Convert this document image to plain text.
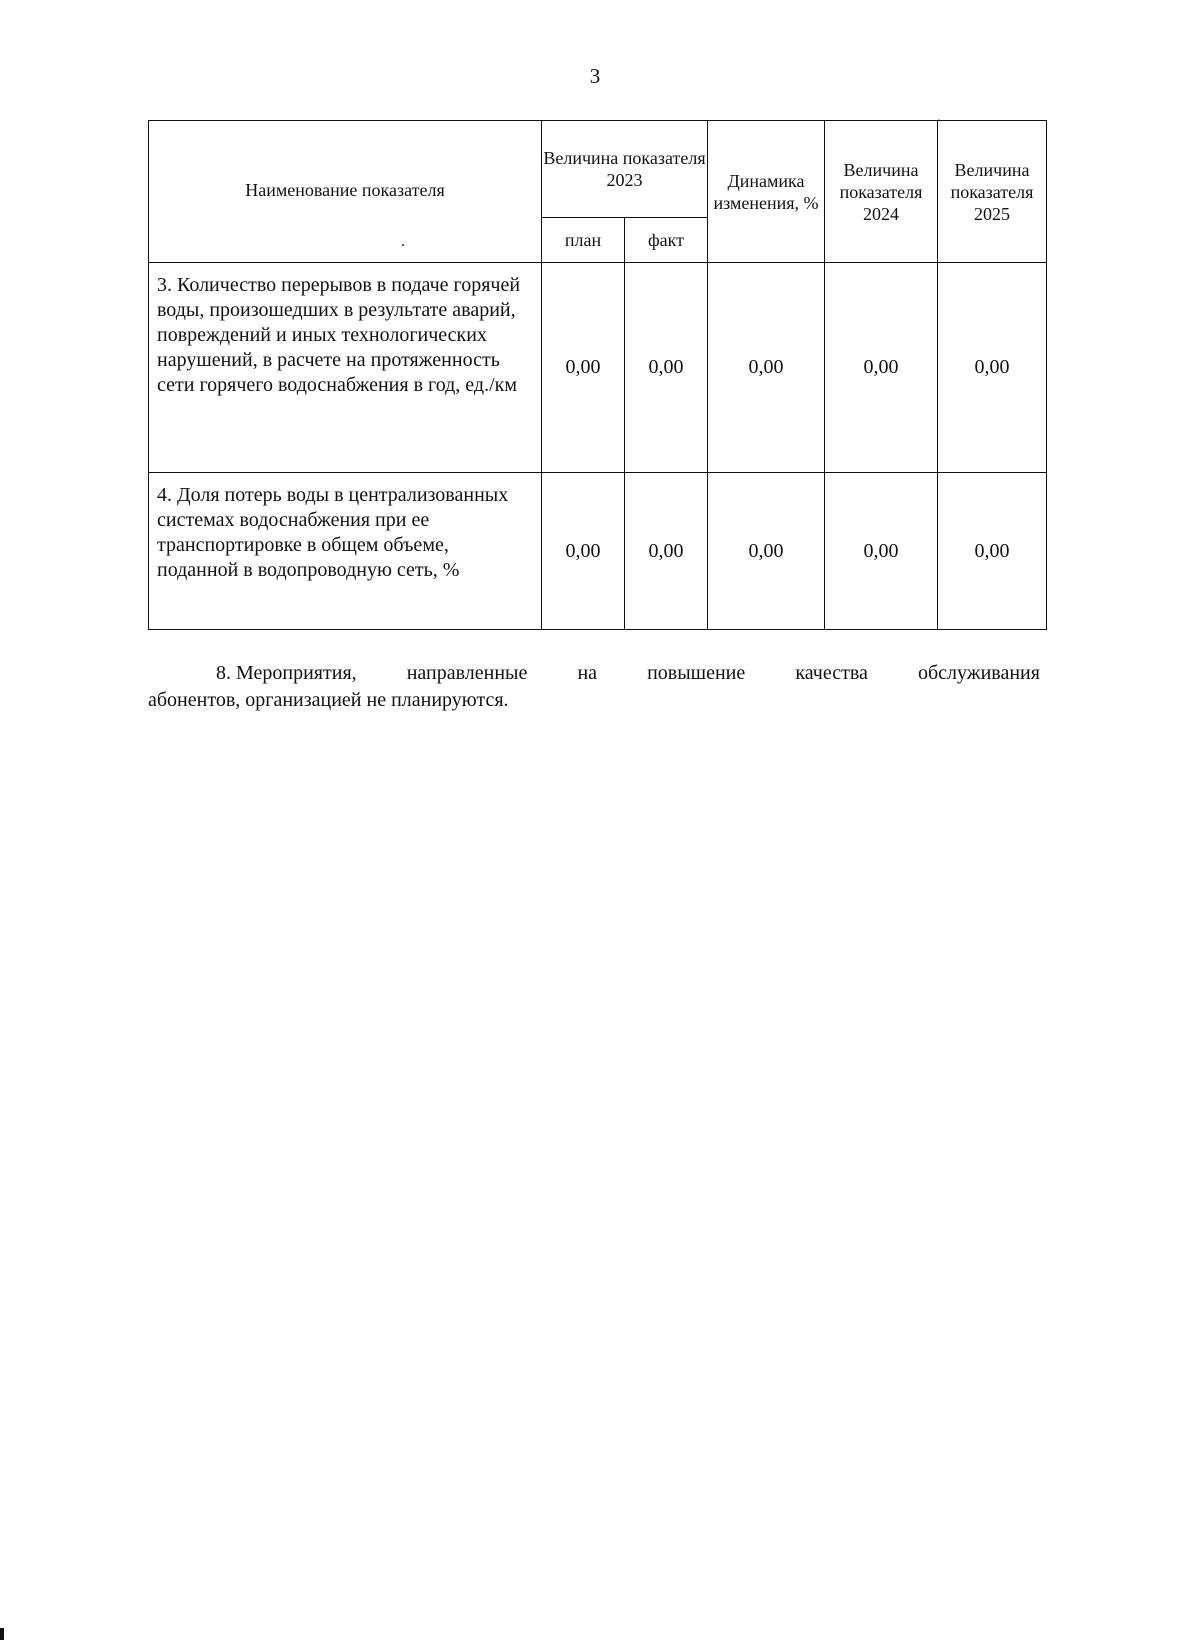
3
'
Наименование показателя
.	Величина показателя 2023		Динамика изменения, %	Величина показателя 2024	Величина показателя 2025
	план	факт			
3. Количество перерывов в подаче горячей воды, произошедших в результате аварий, повреждений и иных технологических нарушений, в расчете на протяженность сети горячего водоснабжения в год, ед./км	0,00	0,00	0,00	0,00	0,00
4. Доля потерь воды в централизованных системах водоснабжения при ее транспортировке в общем объеме, поданной в водопроводную сеть, %	0,00	0,00	0,00	0,00	0,00
8. Мероприятия,	направленные	на	повышение	качества	обслуживания
абонентов, организацией не планируются.
